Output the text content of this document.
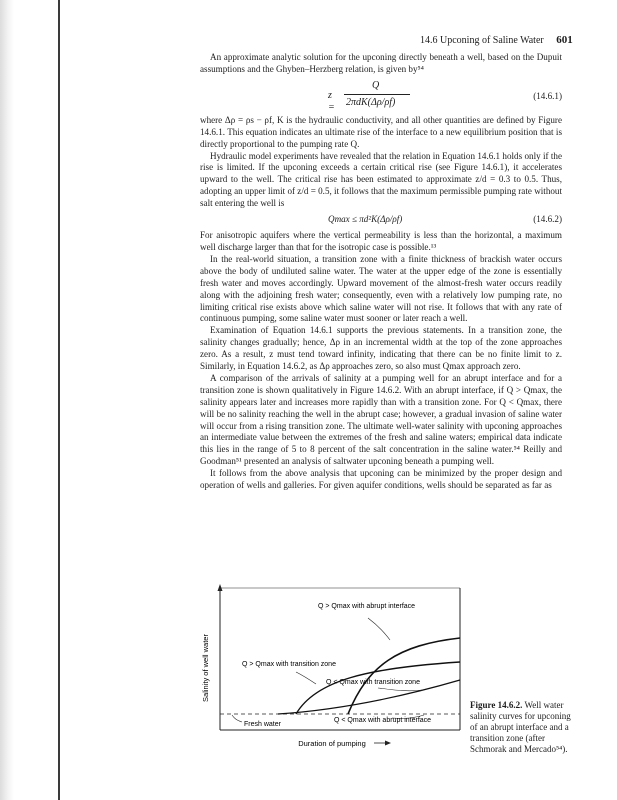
14.6 Upconing of Saline Water 601

An approximate analytic solution for the upconing directly beneath a well, based on the Dupuit assumptions and the Ghyben–Herzberg relation, is given by⁵⁴

z =
Q
2πdK(Δρ/ρf)
(14.6.1)

where Δρ = ρs − ρf, K is the hydraulic conductivity, and all other quantities are defined by Figure 14.6.1. This equation indicates an ultimate rise of the interface to a new equilibrium position that is directly proportional to the pumping rate Q.

Hydraulic model experiments have revealed that the relation in Equation 14.6.1 holds only if the rise is limited. If the upconing exceeds a certain critical rise (see Figure 14.6.1), it accelerates upward to the well. The critical rise has been estimated to approximate z/d = 0.3 to 0.5. Thus, adopting an upper limit of z/d = 0.5, it follows that the maximum permissible pumping rate without salt entering the well is

Qmax ≤ πd²K(Δρ/ρf)	(14.6.2)

For anisotropic aquifers where the vertical permeability is less than the horizontal, a maximum well discharge larger than that for the isotropic case is possible.¹³

In the real-world situation, a transition zone with a finite thickness of brackish water occurs above the body of undiluted saline water. The water at the upper edge of the zone is essentially fresh water and moves accordingly. Upward movement of the almost-fresh water occurs readily along with the adjoining fresh water; consequently, even with a relatively low pumping rate, no limiting critical rise exists above which saline water will not rise. It follows that with any rate of continuous pumping, some saline water must sooner or later reach a well.

Examination of Equation 14.6.1 supports the previous statements. In a transition zone, the salinity changes gradually; hence, Δρ in an incremental width at the top of the zone approaches zero. As a result, z must tend toward infinity, indicating that there can be no finite limit to z. Similarly, in Equation 14.6.2, as Δρ approaches zero, so also must Qmax approach zero.

A comparison of the arrivals of salinity at a pumping well for an abrupt interface and for a transition zone is shown qualitatively in Figure 14.6.2. With an abrupt interface, if Q > Qmax, the salinity appears later and increases more rapidly than with a transition zone. For Q < Qmax, there will be no salinity reaching the well in the abrupt case; however, a gradual invasion of saline water will occur from a rising transition zone. The ultimate well-water salinity with upconing approaches an intermediate value between the extremes of the fresh and saline waters; empirical data indicate this lies in the range of 5 to 8 percent of the salt concentration in the saline water.⁵⁴ Reilly and Goodman⁵¹ presented an analysis of saltwater upconing beneath a pumping well.

It follows from the above analysis that upconing can be minimized by the proper design and operation of wells and galleries. For given aquifer conditions, wells should be separated as far as

Q > Qmax with abrupt interface
Q > Qmax with transition zone
Q < Qmax with transition zone
Q < Qmax with abrupt interface
Fresh water
Salinity of well water
Duration of pumping
Figure 14.6.2. Well water salinity curves for upconing of an abrupt interface and a transition zone (after Schmorak and Mercado⁵⁴).
